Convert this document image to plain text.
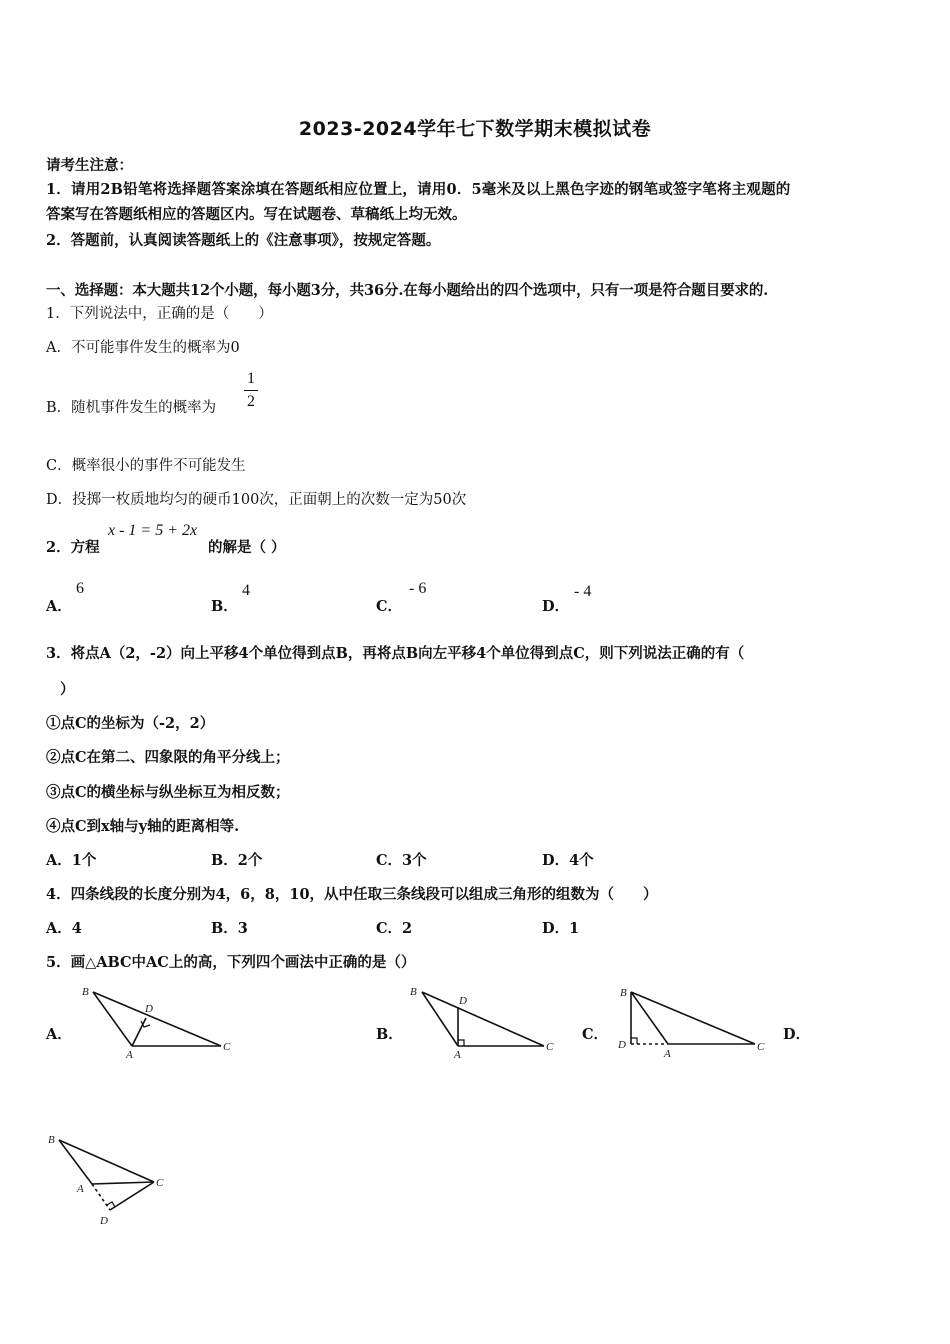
2023-2024学年七下数学期末模拟试卷
请考生注意：
1．请用2B铅笔将选择题答案涂填在答题纸相应位置上，请用0．5毫米及以上黑色字迹的钢笔或签字笔将主观题的
答案写在答题纸相应的答题区内。写在试题卷、草稿纸上均无效。
2．答题前，认真阅读答题纸上的《注意事项》，按规定答题。
一、选择题：本大题共12个小题，每小题3分，共36分.在每小题给出的四个选项中，只有一项是符合题目要求的.
1．下列说法中，正确的是（　　）
A．不可能事件发生的概率为0
B．随机事件发生的概率为
1
2
C．概率很小的事件不可能发生
D．投掷一枚质地均匀的硬币100次，正面朝上的次数一定为50次
2．方程
x - 1 = 5 + 2x
的解是（ ）
A．
6
B．
4
C．
- 6
D．
- 4
3．将点A（2，-2）向上平移4个单位得到点B，再将点B向左平移4个单位得到点C，则下列说法正确的有（
）
①点C的坐标为（-2，2）
②点C在第二、四象限的角平分线上；
③点C的横坐标与纵坐标互为相反数；
④点C到x轴与y轴的距离相等.
A．1个	B．2个	C．3个	D．4个
4．四条线段的长度分别为4，6，8，10，从中任取三条线段可以组成三角形的组数为（　　）
A．4	B．3	C．2	D．1
5．画△ABC中AC上的高，下列四个画法中正确的是（）
A．	B．	C．	D．
B
D
A
C
B
D
A
C
B
D
A
C
B
A	C
D
